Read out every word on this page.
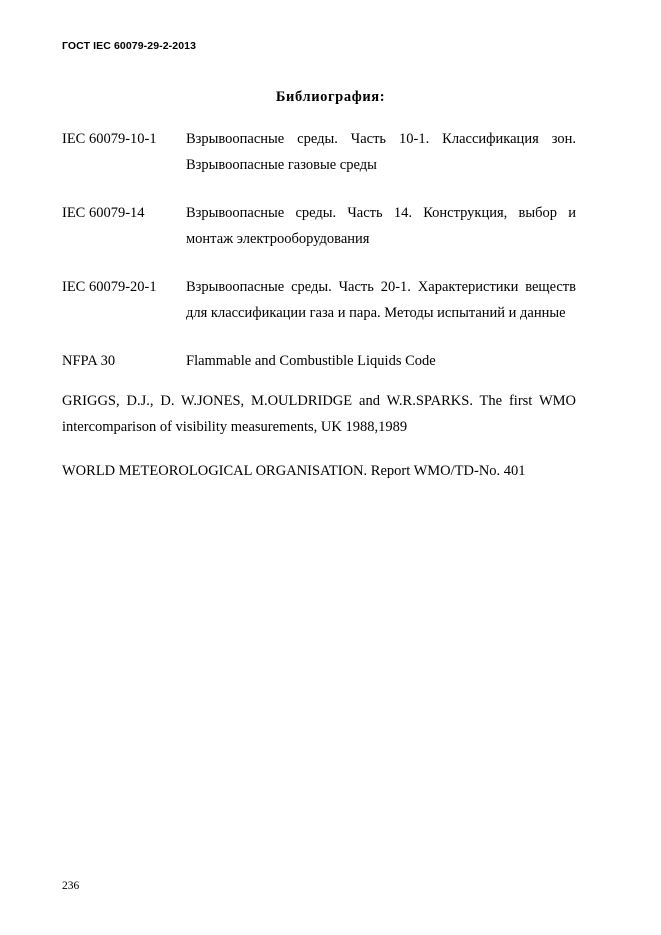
ГОСТ IEC 60079-29-2-2013
Библиография:
IEC 60079-10-1	Взрывоопасные среды. Часть 10-1. Классификация зон. Взрывоопасные газовые среды
IEC 60079-14	Взрывоопасные среды. Часть 14. Конструкция, выбор и монтаж электрооборудования
IEC 60079-20-1	Взрывоопасные среды. Часть 20-1. Характеристики веществ для классификации газа и пара. Методы испытаний и данные
NFPA 30	Flammable and Combustible Liquids Code
GRIGGS, D.J., D. W.JONES, M.OULDRIDGE and W.R.SPARKS. The first WMO intercomparison of visibility measurements, UK 1988,1989
WORLD METEOROLOGICAL ORGANISATION. Report WMO/TD-No. 401
236
